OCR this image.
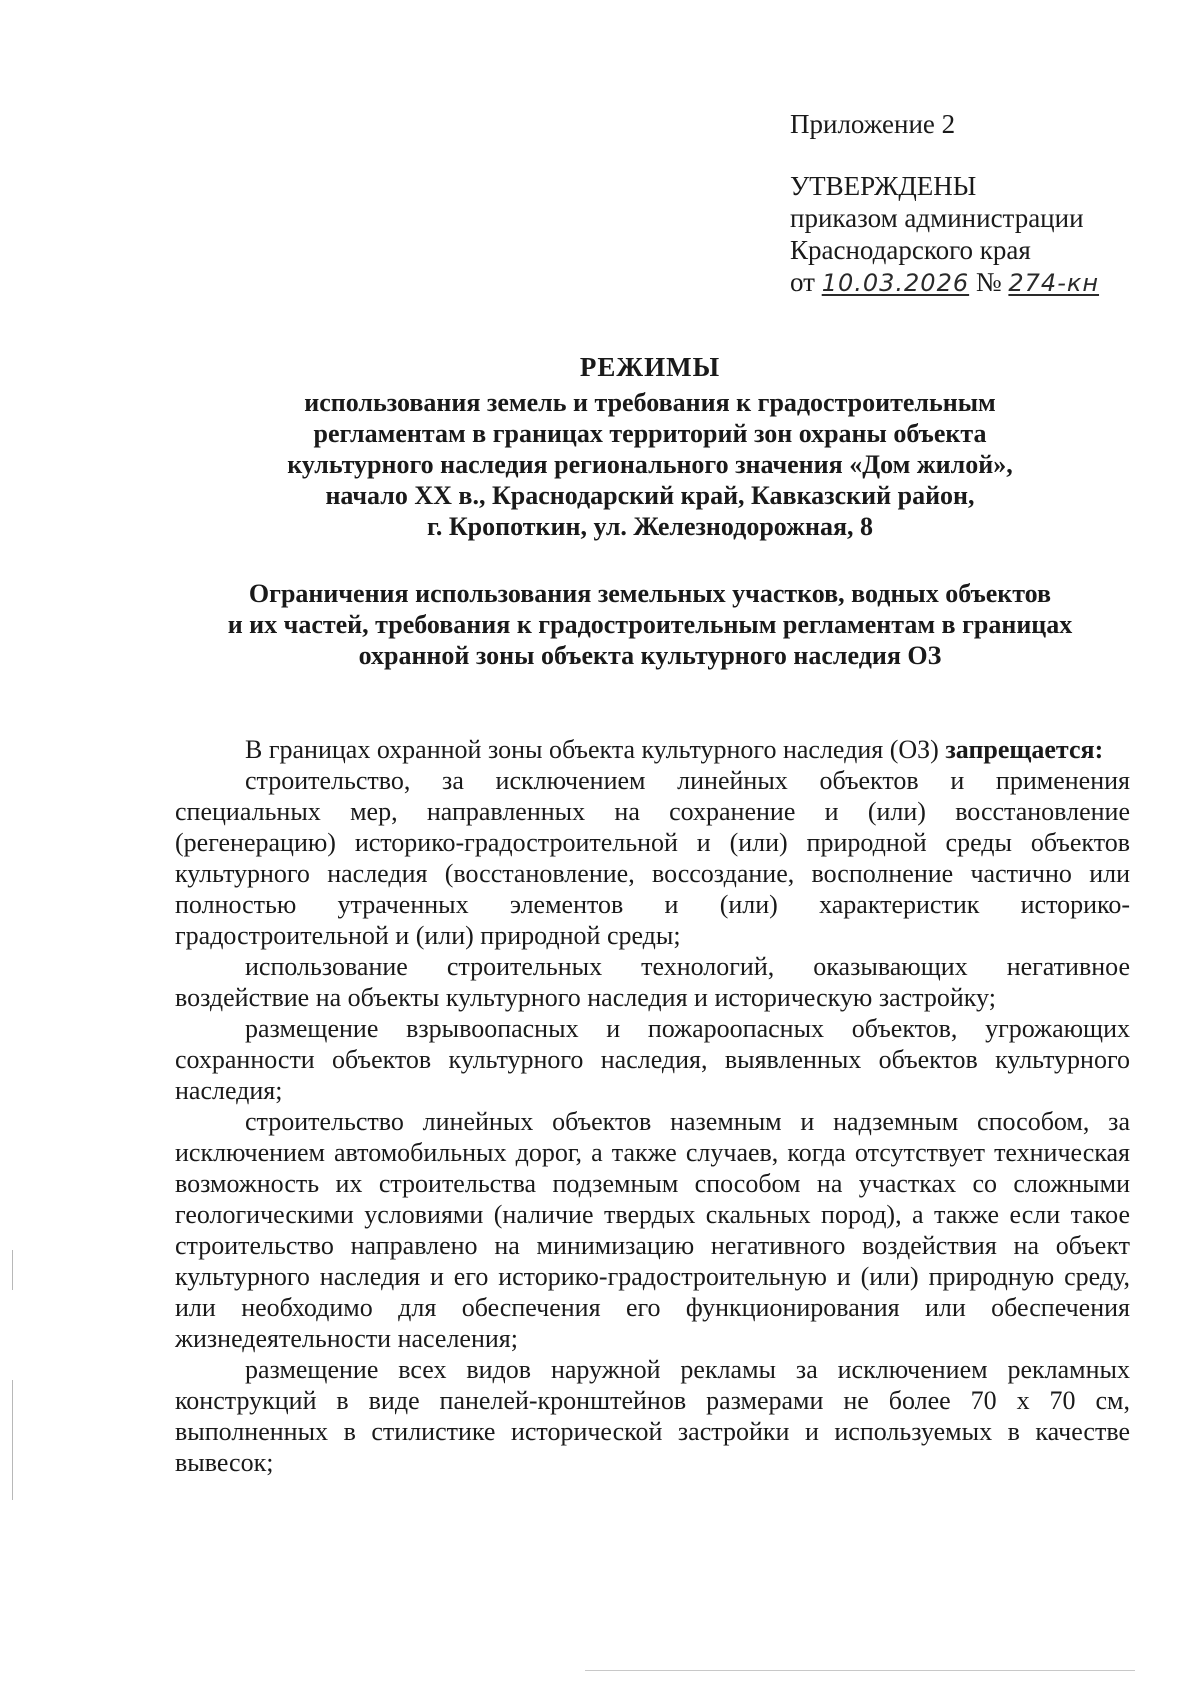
Приложение 2
УТВЕРЖДЕНЫ
приказом администрации
Краснодарского края
от 10.03.2026 № 274-кн
РЕЖИМЫ
использования земель и требования к градостроительным
регламентам в границах территорий зон охраны объекта
культурного наследия регионального значения «Дом жилой»,
начало XX в., Краснодарский край, Кавказский район,
г. Кропоткин, ул. Железнодорожная, 8
Ограничения использования земельных участков, водных объектов
и их частей, требования к градостроительным регламентам в границах
охранной зоны объекта культурного наследия ОЗ

В границах охранной зоны объекта культурного наследия (ОЗ) запрещается:

строительство, за исключением линейных объектов и применения специальных мер, направленных на сохранение и (или) восстановление (регенерацию) историко-градостроительной и (или) природной среды объектов культурного наследия (восстановление, воссоздание, восполнение частично или полностью утраченных элементов и (или) характеристик историко-градостроительной и (или) природной среды;

использование строительных технологий, оказывающих негативное воздействие на объекты культурного наследия и историческую застройку;

размещение взрывоопасных и пожароопасных объектов, угрожающих сохранности объектов культурного наследия, выявленных объектов культурного наследия;

строительство линейных объектов наземным и надземным способом, за исключением автомобильных дорог, а также случаев, когда отсутствует техническая возможность их строительства подземным способом на участках со сложными геологическими условиями (наличие твердых скальных пород), а также если такое строительство направлено на минимизацию негативного воздействия на объект культурного наследия и его историко-градостроительную и (или) природную среду, или необходимо для обеспечения его функционирования или обеспечения жизнедеятельности населения;

размещение всех видов наружной рекламы за исключением рекламных конструкций в виде панелей-кронштейнов размерами не более 70 x 70 см, выполненных в стилистике исторической застройки и используемых в качестве вывесок;
